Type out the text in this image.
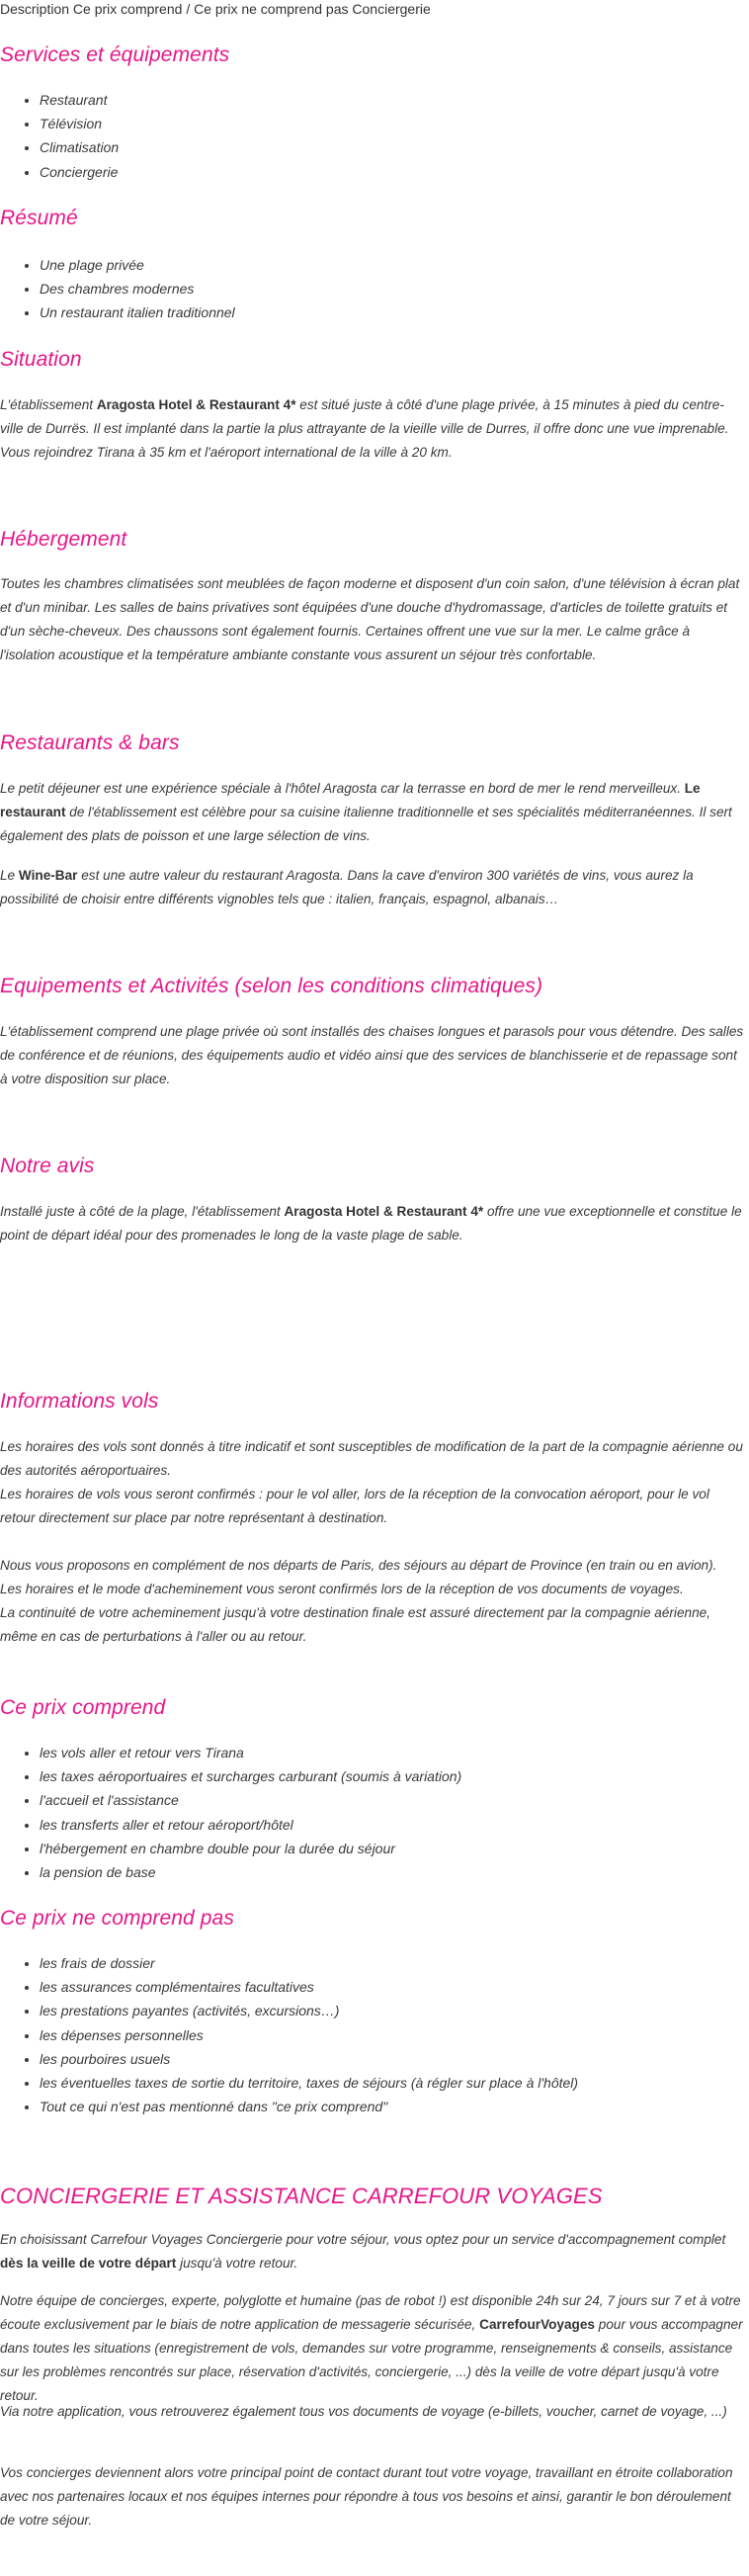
Description Ce prix comprend / Ce prix ne comprend pas Conciergerie
Services et équipements
• Restaurant
• Télévision
• Climatisation
• Conciergerie
Résumé
• Une plage privée
• Des chambres modernes
• Un restaurant italien traditionnel
Situation

L'établissement Aragosta Hotel & Restaurant 4* est situé juste à côté d'une plage privée, à 15 minutes à pied du centre-ville de Durrës. Il est implanté dans la partie la plus attrayante de la vieille ville de Durres, il offre donc une vue imprenable. Vous rejoindrez Tirana à 35 km et l'aéroport international de la ville à 20 km.

Hébergement

Toutes les chambres climatisées sont meublées de façon moderne et disposent d'un coin salon, d'une télévision à écran plat et d'un minibar. Les salles de bains privatives sont équipées d'une douche d'hydromassage, d'articles de toilette gratuits et d'un sèche-cheveux. Des chaussons sont également fournis. Certaines offrent une vue sur la mer. Le calme grâce à l'isolation acoustique et la température ambiante constante vous assurent un séjour très confortable.

Restaurants & bars

Le petit déjeuner est une expérience spéciale à l'hôtel Aragosta car la terrasse en bord de mer le rend merveilleux. Le restaurant de l'établissement est célèbre pour sa cuisine italienne traditionnelle et ses spécialités méditerranéennes. Il sert également des plats de poisson et une large sélection de vins.

Le Wine-Bar est une autre valeur du restaurant Aragosta. Dans la cave d'environ 300 variétés de vins, vous aurez la possibilité de choisir entre différents vignobles tels que : italien, français, espagnol, albanais…

Equipements et Activités (selon les conditions climatiques)

L'établissement comprend une plage privée où sont installés des chaises longues et parasols pour vous détendre. Des salles de conférence et de réunions, des équipements audio et vidéo ainsi que des services de blanchisserie et de repassage sont à votre disposition sur place.

Notre avis

Installé juste à côté de la plage, l'établissement Aragosta Hotel & Restaurant 4* offre une vue exceptionnelle et constitue le point de départ idéal pour des promenades le long de la vaste plage de sable.

Informations vols

Les horaires des vols sont donnés à titre indicatif et sont susceptibles de modification de la part de la compagnie aérienne ou des autorités aéroportuaires.

Les horaires de vols vous seront confirmés : pour le vol aller, lors de la réception de la convocation aéroport, pour le vol retour directement sur place par notre représentant à destination.

Nous vous proposons en complément de nos départs de Paris, des séjours au départ de Province (en train ou en avion).

Les horaires et le mode d'acheminement vous seront confirmés lors de la réception de vos documents de voyages.

La continuité de votre acheminement jusqu'à votre destination finale est assuré directement par la compagnie aérienne, même en cas de perturbations à l'aller ou au retour.

Ce prix comprend
• les vols aller et retour vers Tirana
• les taxes aéroportuaires et surcharges carburant (soumis à variation)
• l'accueil et l'assistance
• les transferts aller et retour aéroport/hôtel
• l'hébergement en chambre double pour la durée du séjour
• la pension de base
Ce prix ne comprend pas
• les frais de dossier
• les assurances complémentaires facultatives
• les prestations payantes (activités, excursions…)
• les dépenses personnelles
• les pourboires usuels
• les éventuelles taxes de sortie du territoire, taxes de séjours (à régler sur place à l'hôtel)
• Tout ce qui n'est pas mentionné dans "ce prix comprend"
CONCIERGERIE ET ASSISTANCE CARREFOUR VOYAGES

En choisissant Carrefour Voyages Conciergerie pour votre séjour, vous optez pour un service d'accompagnement complet dès la veille de votre départ jusqu'à votre retour.

Notre équipe de concierges, experte, polyglotte et humaine (pas de robot !) est disponible 24h sur 24, 7 jours sur 7 et à votre écoute exclusivement par le biais de notre application de messagerie sécurisée, CarrefourVoyages pour vous accompagner dans toutes les situations (enregistrement de vols, demandes sur votre programme, renseignements & conseils, assistance sur les problèmes rencontrés sur place, réservation d'activités, conciergerie, ...) dès la veille de votre départ jusqu'à votre retour.

Via notre application, vous retrouverez également tous vos documents de voyage (e-billets, voucher, carnet de voyage, ...)

Vos concierges deviennent alors votre principal point de contact durant tout votre voyage, travaillant en étroite collaboration avec nos partenaires locaux et nos équipes internes pour répondre à tous vos besoins et ainsi, garantir le bon déroulement de votre séjour.
